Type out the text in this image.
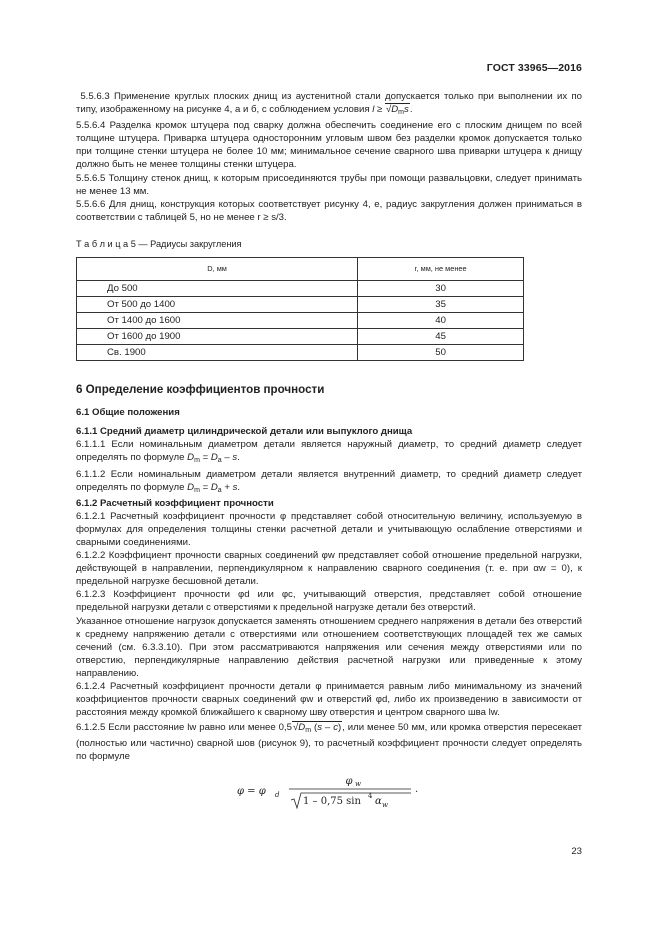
ГОСТ 33965—2016

5.5.6.3 Применение круглых плоских днищ из аустенитной стали допускается только при выполнении их по типу, изображенному на рисунке 4, а и б, с соблюдением условия $l \ge √D_ms$.

5.5.6.4 Разделка кромок штуцера под сварку должна обеспечить соединение его с плоским днищем по всей толщине штуцера. Приварка штуцера односторонним угловым швом без разделки кромок допускается только при толщине стенки штуцера не более 10 мм; минимальное сечение сварного шва приварки штуцера к днищу должно быть не менее толщины стенки штуцера.

5.5.6.5 Толщину стенок днищ, к которым присоединяются трубы при помощи развальцовки, следует принимать не менее 13 мм.

5.5.6.6 Для днищ, конструкция которых соответствует рисунку 4, е, радиус закругления должен приниматься в соответствии с таблицей 5, но не менее r ≥ s/3.

Т а б л и ц а 5 — Радиусы закругления
D, мм	r, мм, не менее
До 500	30
От 500 до 1400	35
От 1400 до 1600	40
От 1600 до 1900	45
Св. 1900	50
6 Определение коэффициентов прочности
6.1 Общие положения
6.1.1 Средний диаметр цилиндрической детали или выпуклого днища

6.1.1.1 Если номинальным диаметром детали является наружный диаметр, то средний диаметр следует определять по формуле $D_m = D_a - s$.

6.1.1.2 Если номинальным диаметром детали является внутренний диаметр, то средний диаметр следует определять по формуле $D_m = D_a + s$.

6.1.2 Расчетный коэффициент прочности

6.1.2.1 Расчетный коэффициент прочности φ представляет собой относительную величину, используемую в формулах для определения толщины стенки расчетной детали и учитывающую ослабление отверстиями и сварными соединениями.

6.1.2.2 Коэффициент прочности сварных соединений φw представляет собой отношение предельной нагрузки, действующей в направлении, перпендикулярном к направлению сварного соединения (т. е. при αw = 0), к предельной нагрузке бесшовной детали.

6.1.2.3 Коэффициент прочности φd или φc, учитывающий отверстия, представляет собой отношение предельной нагрузки детали с отверстиями к предельной нагрузке детали без отверстий.

Указанное отношение нагрузок допускается заменять отношением среднего напряжения в детали без отверстий к среднему напряжению детали с отверстиями или отношением соответствующих площадей тех же самых сечений (см. 6.3.3.10). При этом рассматриваются напряжения или сечения между отверстиями или по отверстию, перпендикулярные направлению действия расчетной нагрузки или приведенные к этому направлению.

6.1.2.4 Расчетный коэффициент прочности детали φ принимается равным либо минимальному из значений коэффициентов прочности сварных соединений φw и отверстий φd, либо их произведению в зависимости от расстояния между кромкой ближайшего к сварному шву отверстия и центром сварного шва lw.

6.1.2.5 Если расстояние lw равно или менее $0,5√D_m$ (s – c), или менее 50 мм, или кромка отверстия пересекает (полностью или частично) сварной шов (рисунок 9), то расчетный коэффициент прочности следует определять по формуле

φ = φ d
φ w
1 – 0,75 sin 4 α w
.
23
